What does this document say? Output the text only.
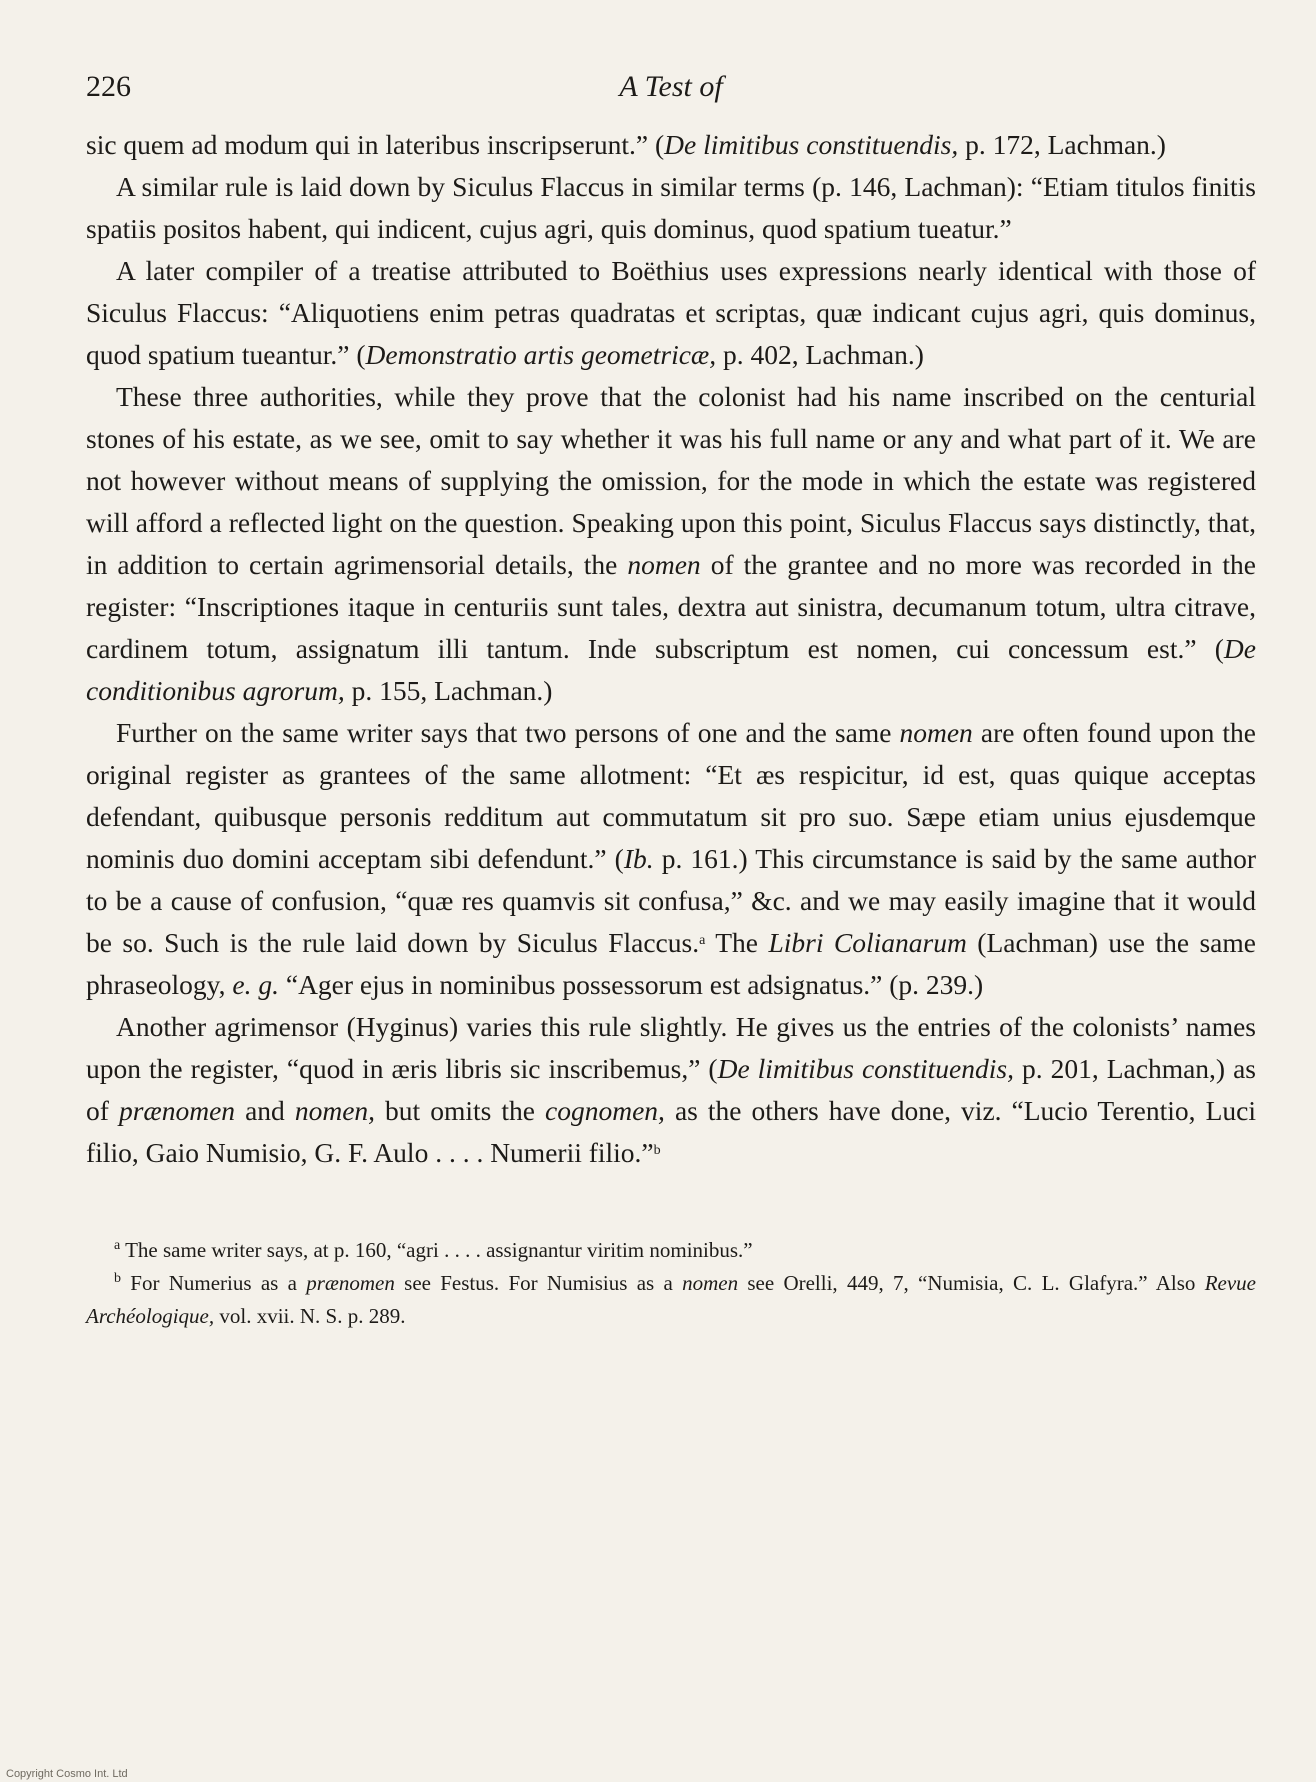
226	A Test of

sic quem ad modum qui in lateribus inscripserunt.” (De limitibus constituendis, p. 172, Lachman.)

A similar rule is laid down by Siculus Flaccus in similar terms (p. 146, Lachman): “Etiam titulos finitis spatiis positos habent, qui indicent, cujus agri, quis dominus, quod spatium tueatur.”

A later compiler of a treatise attributed to Boëthius uses expressions nearly identical with those of Siculus Flaccus: “Aliquotiens enim petras quadratas et scriptas, quæ indicant cujus agri, quis dominus, quod spatium tueantur.” (Demonstratio artis geometricæ, p. 402, Lachman.)

These three authorities, while they prove that the colonist had his name inscribed on the centurial stones of his estate, as we see, omit to say whether it was his full name or any and what part of it. We are not however without means of supplying the omission, for the mode in which the estate was registered will afford a reflected light on the question. Speaking upon this point, Siculus Flaccus says distinctly, that, in addition to certain agrimensorial details, the nomen of the grantee and no more was recorded in the register: “Inscriptiones itaque in centuriis sunt tales, dextra aut sinistra, decumanum totum, ultra citrave, cardinem totum, assignatum illi tantum. Inde subscriptum est nomen, cui concessum est.” (De conditionibus agrorum, p. 155, Lachman.)

Further on the same writer says that two persons of one and the same nomen are often found upon the original register as grantees of the same allotment: “Et æs respicitur, id est, quas quique acceptas defendant, quibusque personis redditum aut commutatum sit pro suo. Sæpe etiam unius ejusdemque nominis duo domini acceptam sibi defendunt.” (Ib. p. 161.) This circumstance is said by the same author to be a cause of confusion, “quæ res quamvis sit confusa,” &c. and we may easily imagine that it would be so. Such is the rule laid down by Siculus Flaccus.$^a$ The Libri Colianarum (Lachman) use the same phraseology, e. g. “Ager ejus in nominibus possessorum est adsignatus.” (p. 239.)

Another agrimensor (Hyginus) varies this rule slightly. He gives us the entries of the colonists’ names upon the register, “quod in æris libris sic inscribemus,” (De limitibus constituendis, p. 201, Lachman,) as of prænomen and nomen, but omits the cognomen, as the others have done, viz. “Lucio Terentio, Luci filio, Gaio Numisio, G. F. Aulo . . . . Numerii filio.”$^b$

$^a$ The same writer says, at p. 160, “agri . . . . assignantur viritim nominibus.”

$^b$ For Numerius as a prænomen see Festus. For Numisius as a nomen see Orelli, 449, 7, “Numisia, C. L. Glafyra.” Also Revue Archéologique, vol. xvii. N. S. p. 289.

Copyright Cosmo Int. Ltd
